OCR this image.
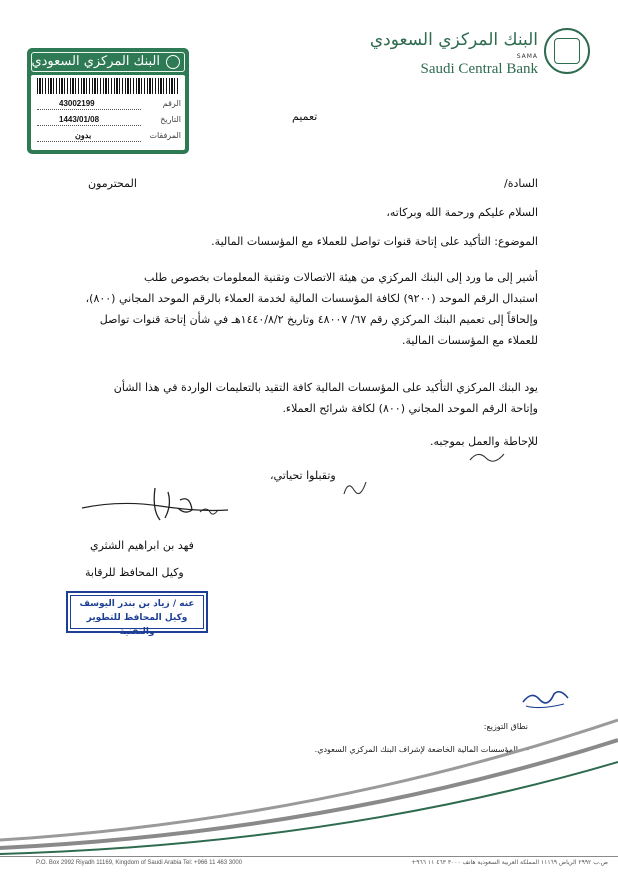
البنك المركزي السعودي
SAMA
Saudi Central Bank
البنك المركزي السعودي
الرقم
43002199
التاريخ
1443/01/08
المرفقات
بدون
تعميم
السادة/
المحترمون
السلام عليكم ورحمة الله وبركاته،
الموضوع: التأكيد على إتاحة قنوات تواصل للعملاء مع المؤسسات المالية.
أشير إلى ما ورد إلى البنك المركزي من هيئة الاتصالات وتقنية المعلومات بخصوص طلب
استبدال الرقم الموحد (٩٢٠٠) لكافة المؤسسات المالية لخدمة العملاء بالرقم الموحد المجاني (٨٠٠)،
وإلحاقاً إلى تعميم البنك المركزي رقم ٦٧/ ٤٨٠٠٧ وتاريخ ١٤٤٠/٨/٢هـ في شأن إتاحة قنوات تواصل
للعملاء مع المؤسسات المالية.
يود البنك المركزي التأكيد على المؤسسات المالية كافة التقيد بالتعليمات الواردة في هذا الشأن
وإتاحة الرقم الموحد المجاني (٨٠٠) لكافة شرائح العملاء.
للإحاطة والعمل بموجبه.
وتقبلوا تحياتي،
فهد بن ابراهيم الشثري
وكيل المحافظ للرقابة
عنه / زياد بن بندر اليوسف
وكيل المحافظ للتطوير والتقنية
نطاق التوزيع:
المؤسسات المالية الخاضعة لإشراف البنك المركزي السعودي. -
P.O. Box 2992 Riyadh 11169, Kingdom of Saudi Arabia Tel: +966 11 463 3000	ص.ب ٢٩٩٢ الرياض ١١١٦٩ المملكة العربية السعودية هاتف ٣٠٠٠ ٤٦٣ ١١ ٩٦٦+
